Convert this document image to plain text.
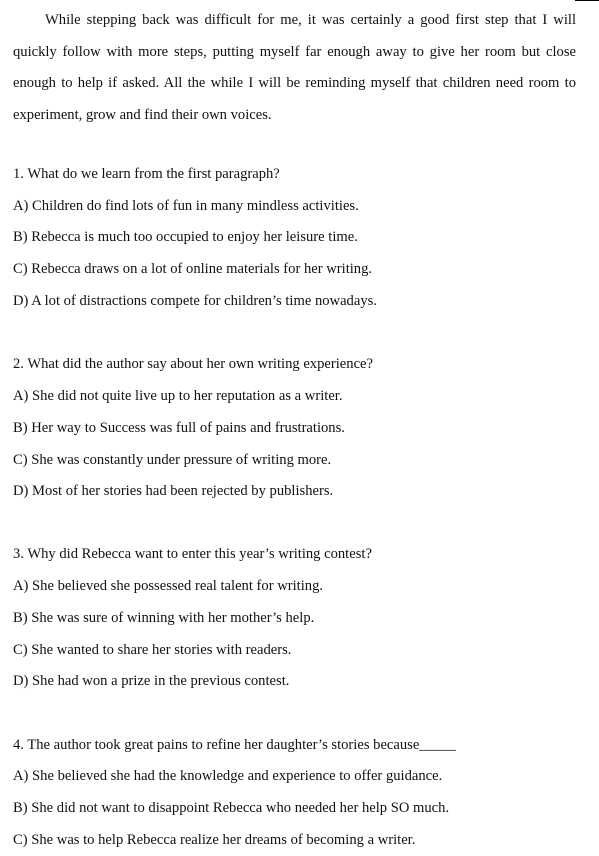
While stepping back was difficult for me, it was certainly a good first step that I will quickly follow with more steps, putting myself far enough away to give her room but close enough to help if asked. All the while I will be reminding myself that children need room to experiment, grow and find their own voices.

1. What do we learn from the first paragraph?
A) Children do find lots of fun in many mindless activities.
B) Rebecca is much too occupied to enjoy her leisure time.
C) Rebecca draws on a lot of online materials for her writing.
D) A lot of distractions compete for children’s time nowadays.
2. What did the author say about her own writing experience?
A) She did not quite live up to her reputation as a writer.
B) Her way to Success was full of pains and frustrations.
C) She was constantly under pressure of writing more.
D) Most of her stories had been rejected by publishers.
3. Why did Rebecca want to enter this year’s writing contest?
A) She believed she possessed real talent for writing.
B) She was sure of winning with her mother’s help.
C) She wanted to share her stories with readers.
D) She had won a prize in the previous contest.
4. The author took great pains to refine her daughter’s stories because_____
A) She believed she had the knowledge and experience to offer guidance.
B) She did not want to disappoint Rebecca who needed her help SO much.
C) She was to help Rebecca realize her dreams of becoming a writer.
